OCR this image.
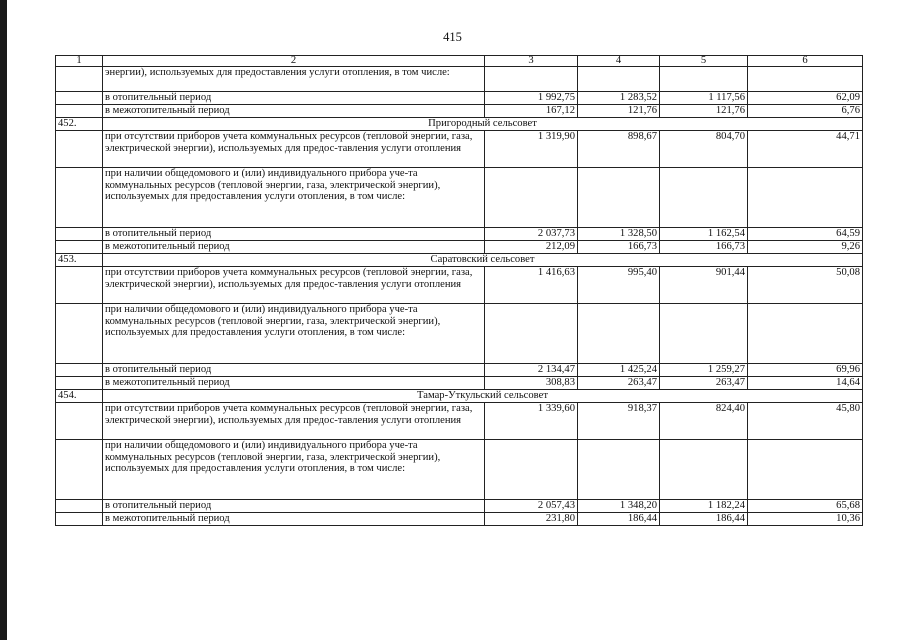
415
1	2	3	4	5	6
	энергии), используемых для предоставления услуги отопления, в том числе:				
	в отопительный период	1 992,75	1 283,52	1 117,56	62,09
	в межотопительный период	167,12	121,76	121,76	6,76
452.	Пригородный сельсовет				
	при отсутствии приборов учета коммунальных ресурсов (тепловой энергии, газа, электрической энергии), используемых для предос-тавления услуги отопления	1 319,90	898,67	804,70	44,71
	при наличии общедомового и (или) индивидуального прибора уче-та коммунальных ресурсов (тепловой энергии, газа, электрической энергии), используемых для предоставления услуги отопления, в том числе:				
	в отопительный период	2 037,73	1 328,50	1 162,54	64,59
	в межотопительный период	212,09	166,73	166,73	9,26
453.	Саратовский сельсовет				
	при отсутствии приборов учета коммунальных ресурсов (тепловой энергии, газа, электрической энергии), используемых для предос-тавления услуги отопления	1 416,63	995,40	901,44	50,08
	при наличии общедомового и (или) индивидуального прибора уче-та коммунальных ресурсов (тепловой энергии, газа, электрической энергии), используемых для предоставления услуги отопления, в том числе:				
	в отопительный период	2 134,47	1 425,24	1 259,27	69,96
	в межотопительный период	308,83	263,47	263,47	14,64
454.	Тамар-Уткульский сельсовет				
	при отсутствии приборов учета коммунальных ресурсов (тепловой энергии, газа, электрической энергии), используемых для предос-тавления услуги отопления	1 339,60	918,37	824,40	45,80
	при наличии общедомового и (или) индивидуального прибора уче-та коммунальных ресурсов (тепловой энергии, газа, электрической энергии), используемых для предоставления услуги отопления, в том числе:				
	в отопительный период	2 057,43	1 348,20	1 182,24	65,68
	в межотопительный период	231,80	186,44	186,44	10,36
